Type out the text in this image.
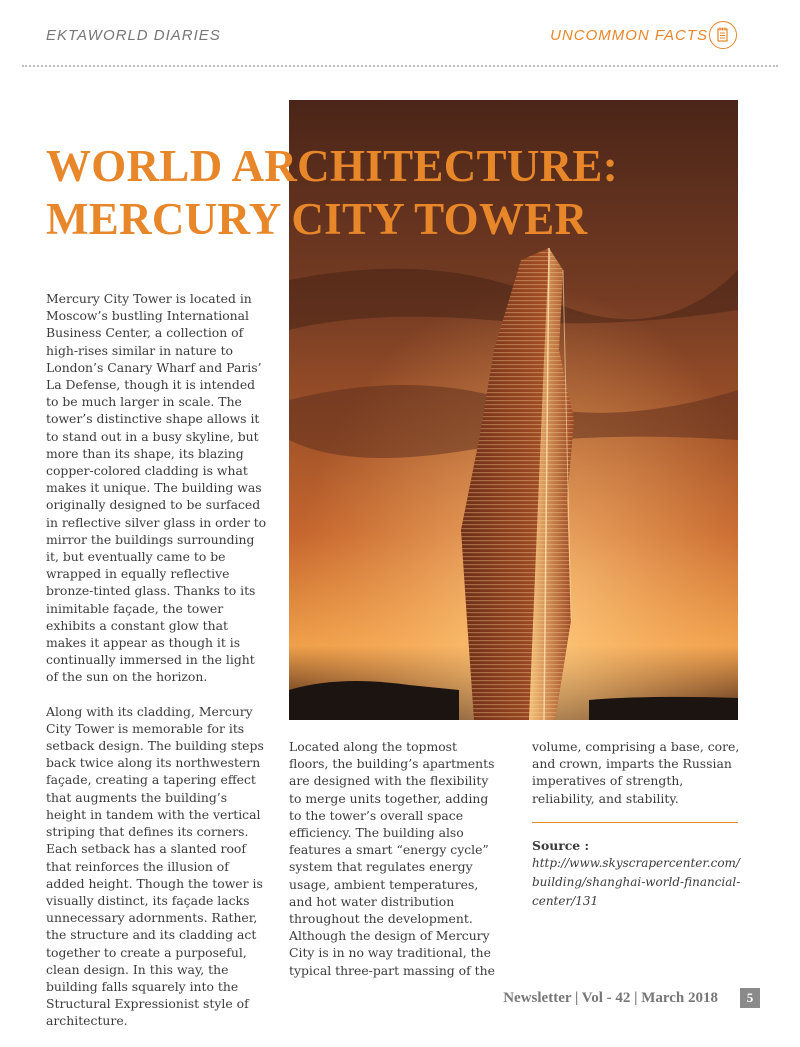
EKTAWORLD DIARIES	UNCOMMON FACTS
WORLD ARCHITECTURE:
MERCURY CITY TOWER

Mercury City Tower is located in Moscow’s bustling International Business Center, a collection of high-rises similar in nature to London’s Canary Wharf and Paris’ La Defense, though it is intended to be much larger in scale. The tower’s distinctive shape allows it to stand out in a busy skyline, but more than its shape, its blazing copper-colored cladding is what makes it unique. The building was originally designed to be surfaced in reflective silver glass in order to mirror the buildings surrounding it, but eventually came to be wrapped in equally reflective bronze-tinted glass. Thanks to its inimitable façade, the tower exhibits a constant glow that makes it appear as though it is continually immersed in the light of the sun on the horizon.

Along with its cladding, Mercury City Tower is memorable for its setback design. The building steps back twice along its northwestern façade, creating a tapering effect that augments the building’s height in tandem with the vertical striping that defines its corners. Each setback has a slanted roof that reinforces the illusion of added height. Though the tower is visually distinct, its façade lacks unnecessary adornments. Rather, the structure and its cladding act together to create a purposeful, clean design. In this way, the building falls squarely into the Structural Expressionist style of architecture.

Located along the topmost floors, the building’s apartments are designed with the flexibility to merge units together, adding to the tower’s overall space efficiency. The building also features a smart “energy cycle” system that regulates energy usage, ambient temperatures, and hot water distribution throughout the development. Although the design of Mercury City is in no way traditional, the typical three-part massing of the

volume, comprising a base, core, and crown, imparts the Russian imperatives of strength, reliability, and stability.

Source :
http://www.skyscrapercenter.com/building/shanghai-world-financial-center/131
Newsletter | Vol - 42 | March 2018	5
